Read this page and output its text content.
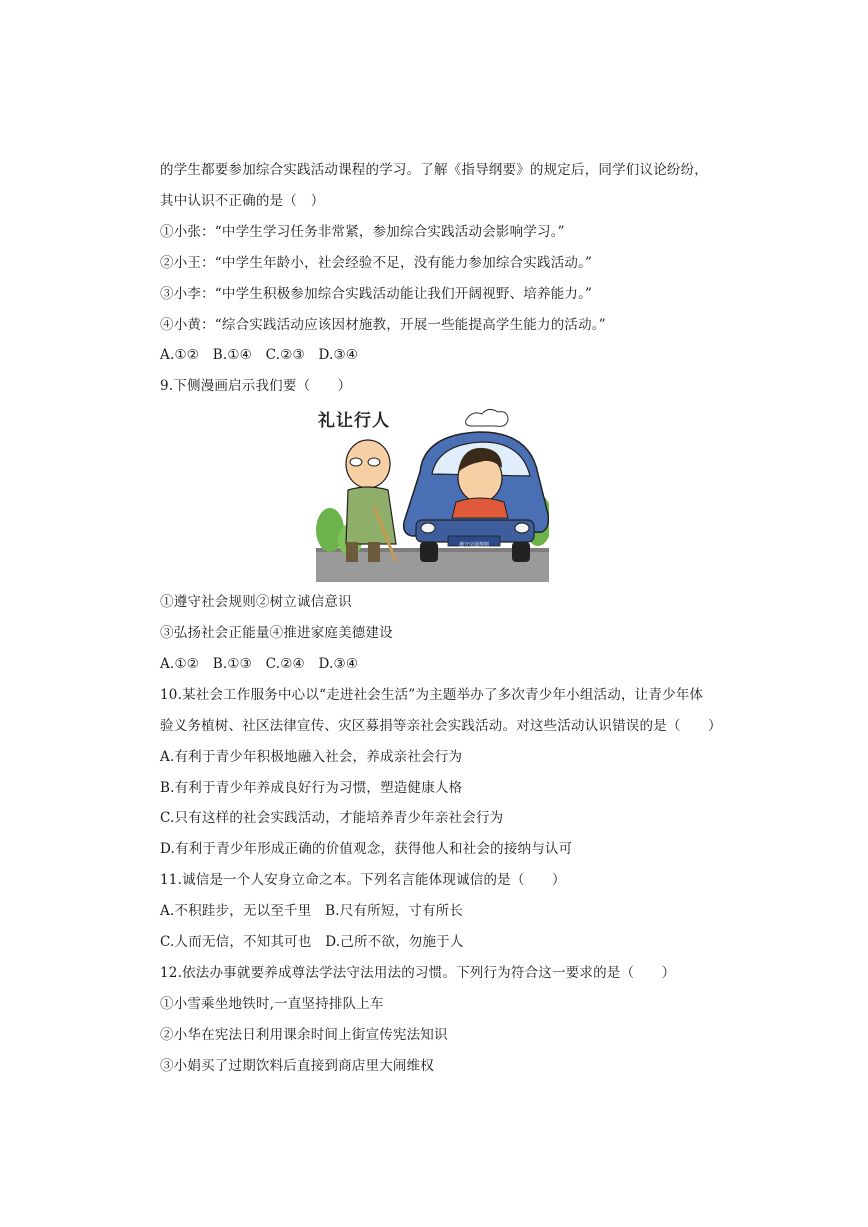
的学生都要参加综合实践活动课程的学习。了解《指导纲要》的规定后，同学们议论纷纷，
其中认识不正确的是（　）
①小张：“中学生学习任务非常紧，参加综合实践活动会影响学习。”
②小王：“中学生年龄小，社会经验不足，没有能力参加综合实践活动。”
③小李：“中学生积极参加综合实践活动能让我们开阔视野、培养能力。”
④小黄：“综合实践活动应该因材施教，开展一些能提高学生能力的活动。”
A.①②　B.①④　C.②③　D.③④
9.下侧漫画启示我们要（　　）
礼让行人
遵守交通规则
①遵守社会规则②树立诚信意识
③弘扬社会正能量④推进家庭美德建设
A.①②　B.①③　C.②④　D.③④
10.某社会工作服务中心以“走进社会生活”为主题举办了多次青少年小组活动，让青少年体
验义务植树、社区法律宣传、灾区募捐等亲社会实践活动。对这些活动认识错误的是（　　）
A.有利于青少年积极地融入社会，养成亲社会行为
B.有利于青少年养成良好行为习惯，塑造健康人格
C.只有这样的社会实践活动，才能培养青少年亲社会行为
D.有利于青少年形成正确的价值观念，获得他人和社会的接纳与认可
11.诚信是一个人安身立命之本。下列名言能体现诚信的是（　　）
A.不积跬步，无以至千里　B.尺有所短，寸有所长
C.人而无信，不知其可也　D.己所不欲，勿施于人
12.依法办事就要养成尊法学法守法用法的习惯。下列行为符合这一要求的是（　　）
①小雪乘坐地铁时,一直坚持排队上车
②小华在宪法日利用课余时间上街宣传宪法知识
③小娟买了过期饮料后直接到商店里大闹维权
